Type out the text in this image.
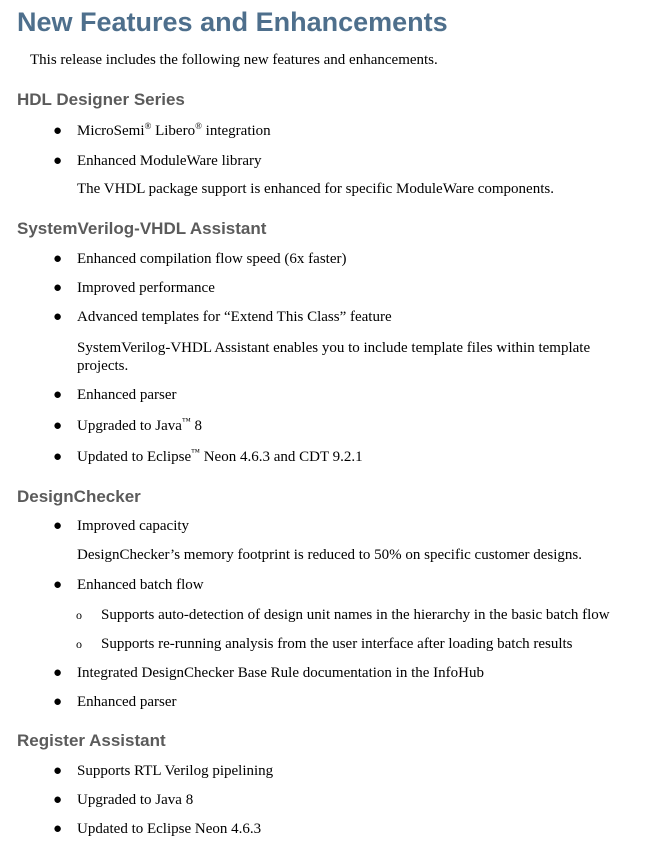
New Features and Enhancements
This release includes the following new features and enhancements.
HDL Designer Series
● MicroSemi® Libero® integration
● Enhanced ModuleWare library
The VHDL package support is enhanced for specific ModuleWare components.
SystemVerilog-VHDL Assistant
● Enhanced compilation flow speed (6x faster)
● Improved performance
● Advanced templates for “Extend This Class” feature
SystemVerilog-VHDL Assistant enables you to include template files within template projects.
● Enhanced parser
● Upgraded to Java™ 8
● Updated to Eclipse™ Neon 4.6.3 and CDT 9.2.1
DesignChecker
● Improved capacity
DesignChecker’s memory footprint is reduced to 50% on specific customer designs.
● Enhanced batch flow
o Supports auto-detection of design unit names in the hierarchy in the basic batch flow
o Supports re-running analysis from the user interface after loading batch results
● Integrated DesignChecker Base Rule documentation in the InfoHub
● Enhanced parser
Register Assistant
● Supports RTL Verilog pipelining
● Upgraded to Java 8
● Updated to Eclipse Neon 4.6.3
